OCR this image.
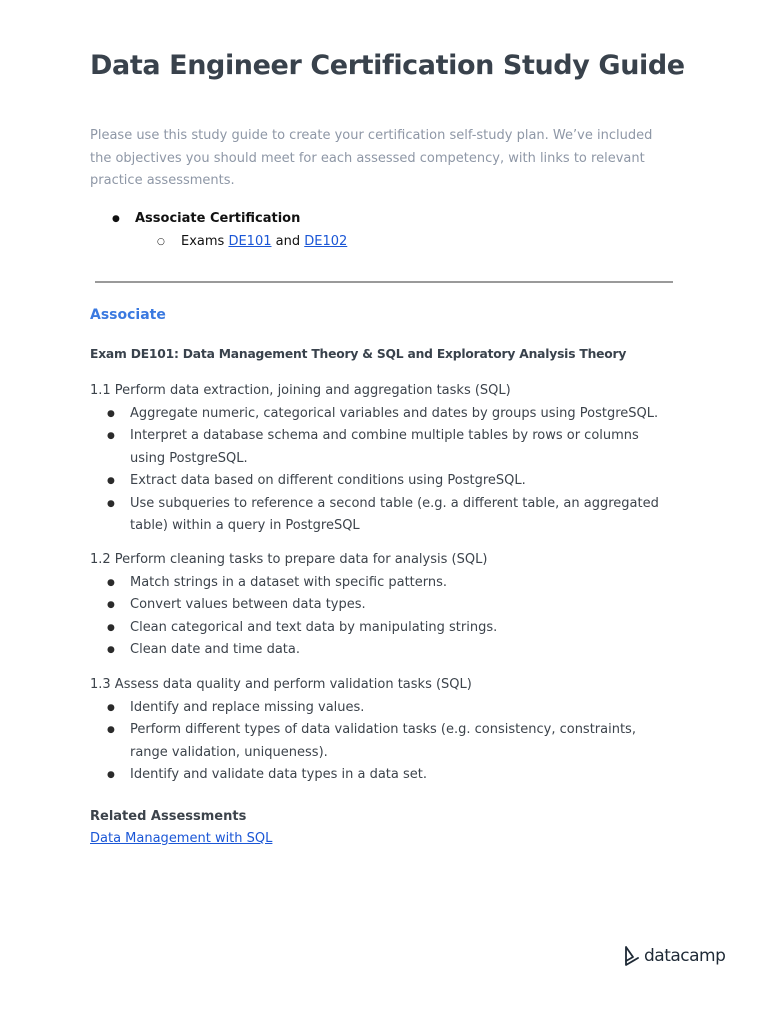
Data Engineer Certification Study Guide

Please use this study guide to create your certification self-study plan. We’ve included the objectives you should meet for each assessed competency, with links to relevant practice assessments.

● Associate Certification
○ Exams DE101 and DE102
Associate
Exam DE101: Data Management Theory & SQL and Exploratory Analysis Theory

1.1 Perform data extraction, joining and aggregation tasks (SQL)

● Aggregate numeric, categorical variables and dates by groups using PostgreSQL.
● Interpret a database schema and combine multiple tables by rows or columns using PostgreSQL.
● Extract data based on different conditions using PostgreSQL.
● Use subqueries to reference a second table (e.g. a different table, an aggregated table) within a query in PostgreSQL

1.2 Perform cleaning tasks to prepare data for analysis (SQL)

● Match strings in a dataset with specific patterns.
● Convert values between data types.
● Clean categorical and text data by manipulating strings.
● Clean date and time data.

1.3 Assess data quality and perform validation tasks (SQL)

● Identify and replace missing values.
● Perform different types of data validation tasks (e.g. consistency, constraints, range validation, uniqueness).
● Identify and validate data types in a data set.
Related Assessments
Data Management with SQL
datacamp
